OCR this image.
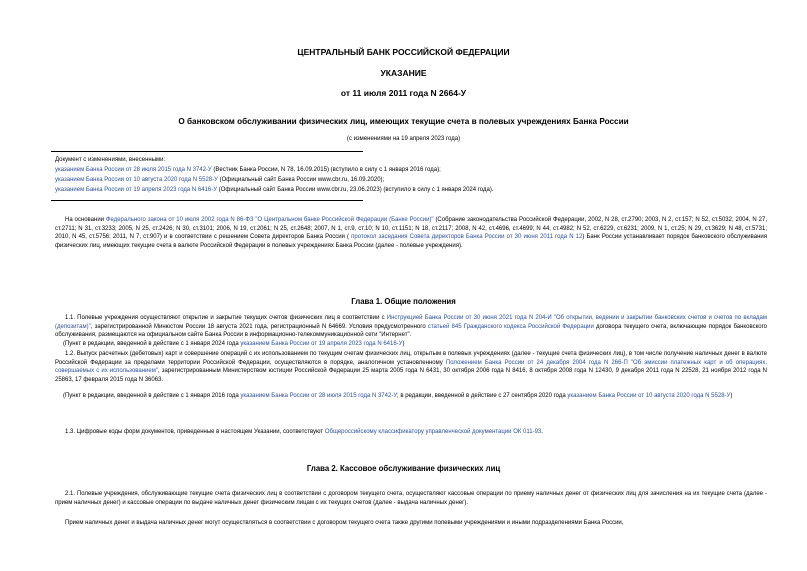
ЦЕНТРАЛЬНЫЙ БАНК РОССИЙСКОЙ ФЕДЕРАЦИИ
УКАЗАНИЕ
от 11 июля 2011 года N 2664-У
О банковском обслуживании физических лиц, имеющих текущие счета в полевых учреждениях Банка России
(с изменениями на 19 апреля 2023 года)
Документ с изменениями, внесенными:
указанием Банка России от 28 июля 2015 года N 3742-У (Вестник Банка России, N 78, 16.09.2015) (вступило в силу с 1 января 2016 года);
указанием Банка России от 10 августа 2020 года N 5528-У (Официальный сайт Банка России www.cbr.ru, 16.09.2020);
указанием Банка России от 19 апреля 2023 года N 6416-У (Официальный сайт Банка России www.cbr.ru, 23.06.2023) (вступило в силу с 1 января 2024 года).
На основании Федерального закона от 10 июля 2002 года N 86-ФЗ "О Центральном банке Российской Федерации (Банке России)" (Собрание законодательства Российской Федерации, 2002, N 28, ст.2790; 2003, N 2, ст.157; N 52, ст.5032; 2004, N 27, ст.2711; N 31, ст.3233; 2005, N 25, ст.2426; N 30, ст.3101; 2006, N 19, ст.2061; N 25, ст.2648; 2007, N 1, ст.9, ст.10; N 10, ст.1151; N 18, ст.2117; 2008, N 42, ст.4696, ст.4699; N 44, ст.4982; N 52, ст.6229, ст.6231; 2009, N 1, ст.25; N 29, ст.3629; N 48, ст.5731; 2010, N 45, ст.5756; 2011, N 7, ст.907) и в соответствии с решением Совета директоров Банка России ( протокол заседания Совета директоров Банка России от 30 июня 2011 года N 12) Банк России устанавливает порядок банковского обслуживания физических лиц, имеющих текущие счета в валюте Российской Федерации в полевых учреждениях Банка России (далее - полевые учреждения).
Глава 1. Общие положения
1.1. Полевые учреждения осуществляют открытие и закрытие текущих счетов физических лиц в соответствии с Инструкцией Банка России от 30 июня 2021 года N 204-И "Об открытии, ведении и закрытии банковских счетов и счетов по вкладам (депозитам)", зарегистрированной Минюстом России 18 августа 2021 года, регистрационный N 64669. Условия предусмотренного статьей 845 Гражданского кодекса Российской Федерации договора текущего счета, включающие порядок банковского обслуживания, размещаются на официальном сайте Банка России в информационно-телекоммуникационной сети "Интернет".
(Пункт в редакции, введенной в действие с 1 января 2024 года указанием Банка России от 19 апреля 2023 года N 6416-У)
1.2. Выпуск расчетных (дебетовых) карт и совершение операций с их использованием по текущим счетам физических лиц, открытым в полевых учреждениях (далее - текущие счета физических лиц), в том числе получение наличных денег в валюте Российской Федерации за пределами территории Российской Федерации, осуществляются в порядке, аналогичном установленному Положением Банка России от 24 декабря 2004 года N 266-П "Об эмиссии платежных карт и об операциях, совершаемых с их использованием", зарегистрированным Министерством юстиции Российской Федерации 25 марта 2005 года N 6431, 30 октября 2006 года N 8416, 8 октября 2008 года N 12430, 9 декабря 2011 года N 22528, 21 ноября 2012 года N 25863, 17 февраля 2015 года N 36063.
(Пункт в редакции, введенной в действие с 1 января 2016 года указанием Банка России от 28 июля 2015 года N 3742-У; в редакции, введенной в действие с 27 сентября 2020 года указанием Банка России от 10 августа 2020 года N 5528-У)
1.3. Цифровые коды форм документов, приведенные в настоящем Указании, соответствуют Общероссийскому классификатору управленческой документации ОК 011-93.
Глава 2. Кассовое обслуживание физических лиц
2.1. Полевые учреждения, обслуживающие текущие счета физических лиц в соответствии с договором текущего счета, осуществляют кассовые операции по приему наличных денег от физических лиц для зачисления на их текущие счета (далее - прием наличных денег) и кассовые операции по выдаче наличных денег физическим лицам с их текущих счетов (далее - выдача наличных денег).
Прием наличных денег и выдача наличных денег могут осуществляться в соответствии с договором текущего счета также другими полевыми учреждениями и иными подразделениями Банка России,
